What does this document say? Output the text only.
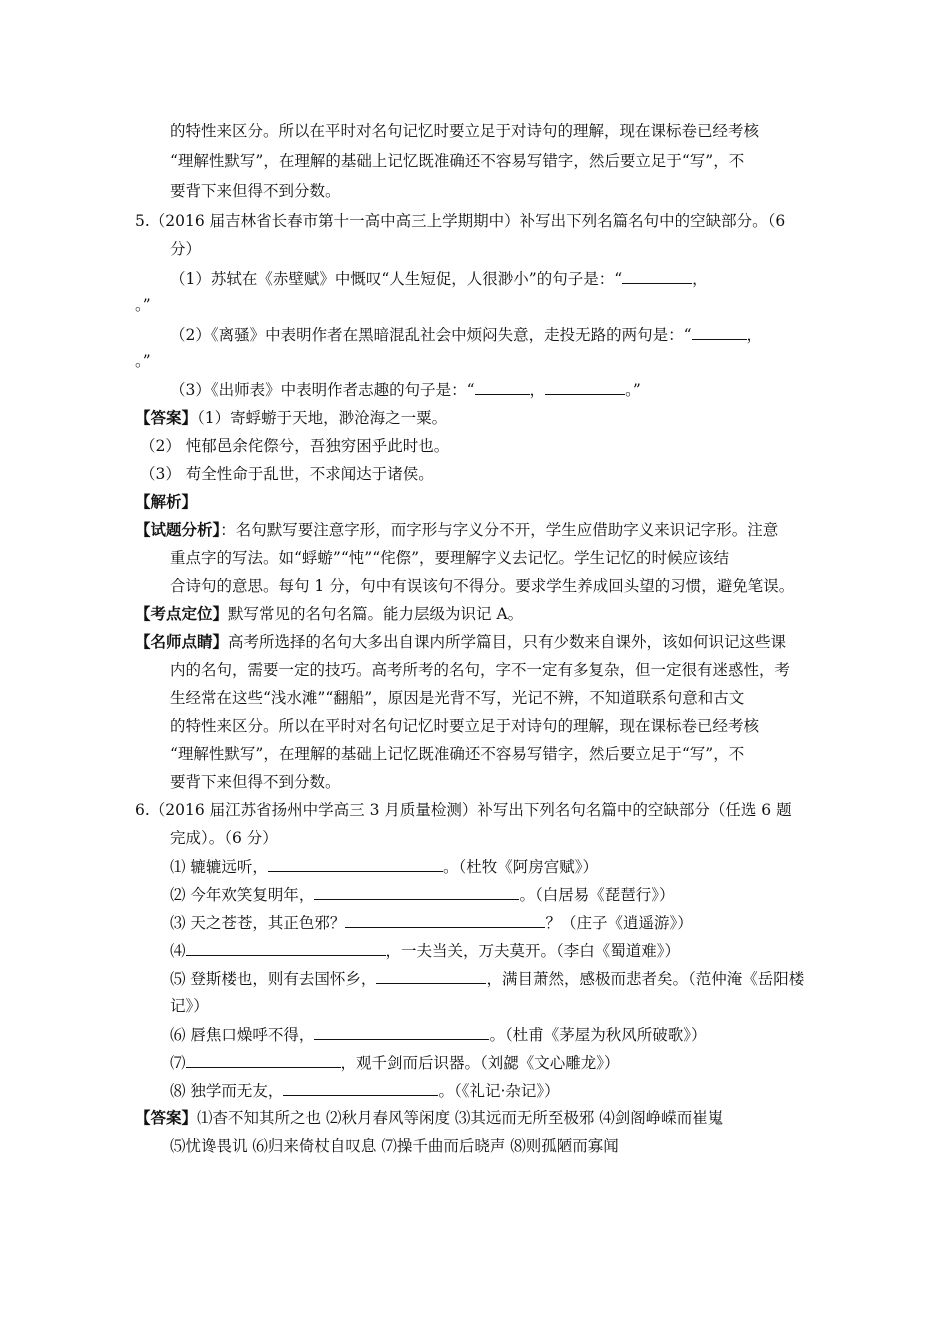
的特性来区分。所以在平时对名句记忆时要立足于对诗句的理解，现在课标卷已经考核
“理解性默写”，在理解的基础上记忆既准确还不容易写错字，然后要立足于“写”，不
要背下来但得不到分数。
5.（2016 届吉林省长春市第十一高中高三上学期期中）补写出下列名篇名句中的空缺部分。（6
分）
（1）苏轼在《赤壁赋》中慨叹“人生短促，人很渺小”的句子是：“	，
。”
（2）《离骚》中表明作者在黑暗混乱社会中烦闷失意，走投无路的两句是：“	，
。”
（3）《出师表》中表明作者志趣的句子是：“	，	。”
【答案】（1）寄蜉蝣于天地，渺沧海之一粟。
（2） 忳郁邑余侘傺兮，吾独穷困乎此时也。
（3） 苟全性命于乱世，不求闻达于诸侯。
【解析】
【试题分析】：名句默写要注意字形，而字形与字义分不开，学生应借助字义来识记字形。注意
重点字的写法。如“蜉蝣”“忳”“侘傺”，要理解字义去记忆。学生记忆的时候应该结
合诗句的意思。每句 1 分，句中有误该句不得分。要求学生养成回头望的习惯，避免笔误。
【考点定位】默写常见的名句名篇。能力层级为识记 A。
【名师点睛】高考所选择的名句大多出自课内所学篇目，只有少数来自课外，该如何识记这些课
内的名句，需要一定的技巧。高考所考的名句，字不一定有多复杂，但一定很有迷惑性，考
生经常在这些“浅水滩”“翻船”，原因是光背不写，光记不辨，不知道联系句意和古文
的特性来区分。所以在平时对名句记忆时要立足于对诗句的理解，现在课标卷已经考核
“理解性默写”，在理解的基础上记忆既准确还不容易写错字，然后要立足于“写”，不
要背下来但得不到分数。
6.（2016 届江苏省扬州中学高三 3 月质量检测）补写出下列名句名篇中的空缺部分（任选 6 题
完成）。（6 分）
⑴ 辘辘远听，	。（杜牧《阿房宫赋》）
⑵ 今年欢笑复明年，	。（白居易《琵琶行》）
⑶ 天之苍苍，其正色邪？	？（庄子《逍遥游》）
⑷	，一夫当关，万夫莫开。（李白《蜀道难》）
⑸ 登斯楼也，则有去国怀乡，	，满目萧然，感极而悲者矣。（范仲淹《岳阳楼
记》）
⑹ 唇焦口燥呼不得，	。（杜甫《茅屋为秋风所破歌》）
⑺	，观千剑而后识器。（刘勰《文心雕龙》）
⑻ 独学而无友，	。（《礼记·杂记》）
【答案】⑴杳不知其所之也 ⑵秋月春风等闲度 ⑶其远而无所至极邪 ⑷剑阁峥嵘而崔嵬
⑸忧谗畏讥 ⑹归来倚杖自叹息 ⑺操千曲而后晓声 ⑻则孤陋而寡闻
